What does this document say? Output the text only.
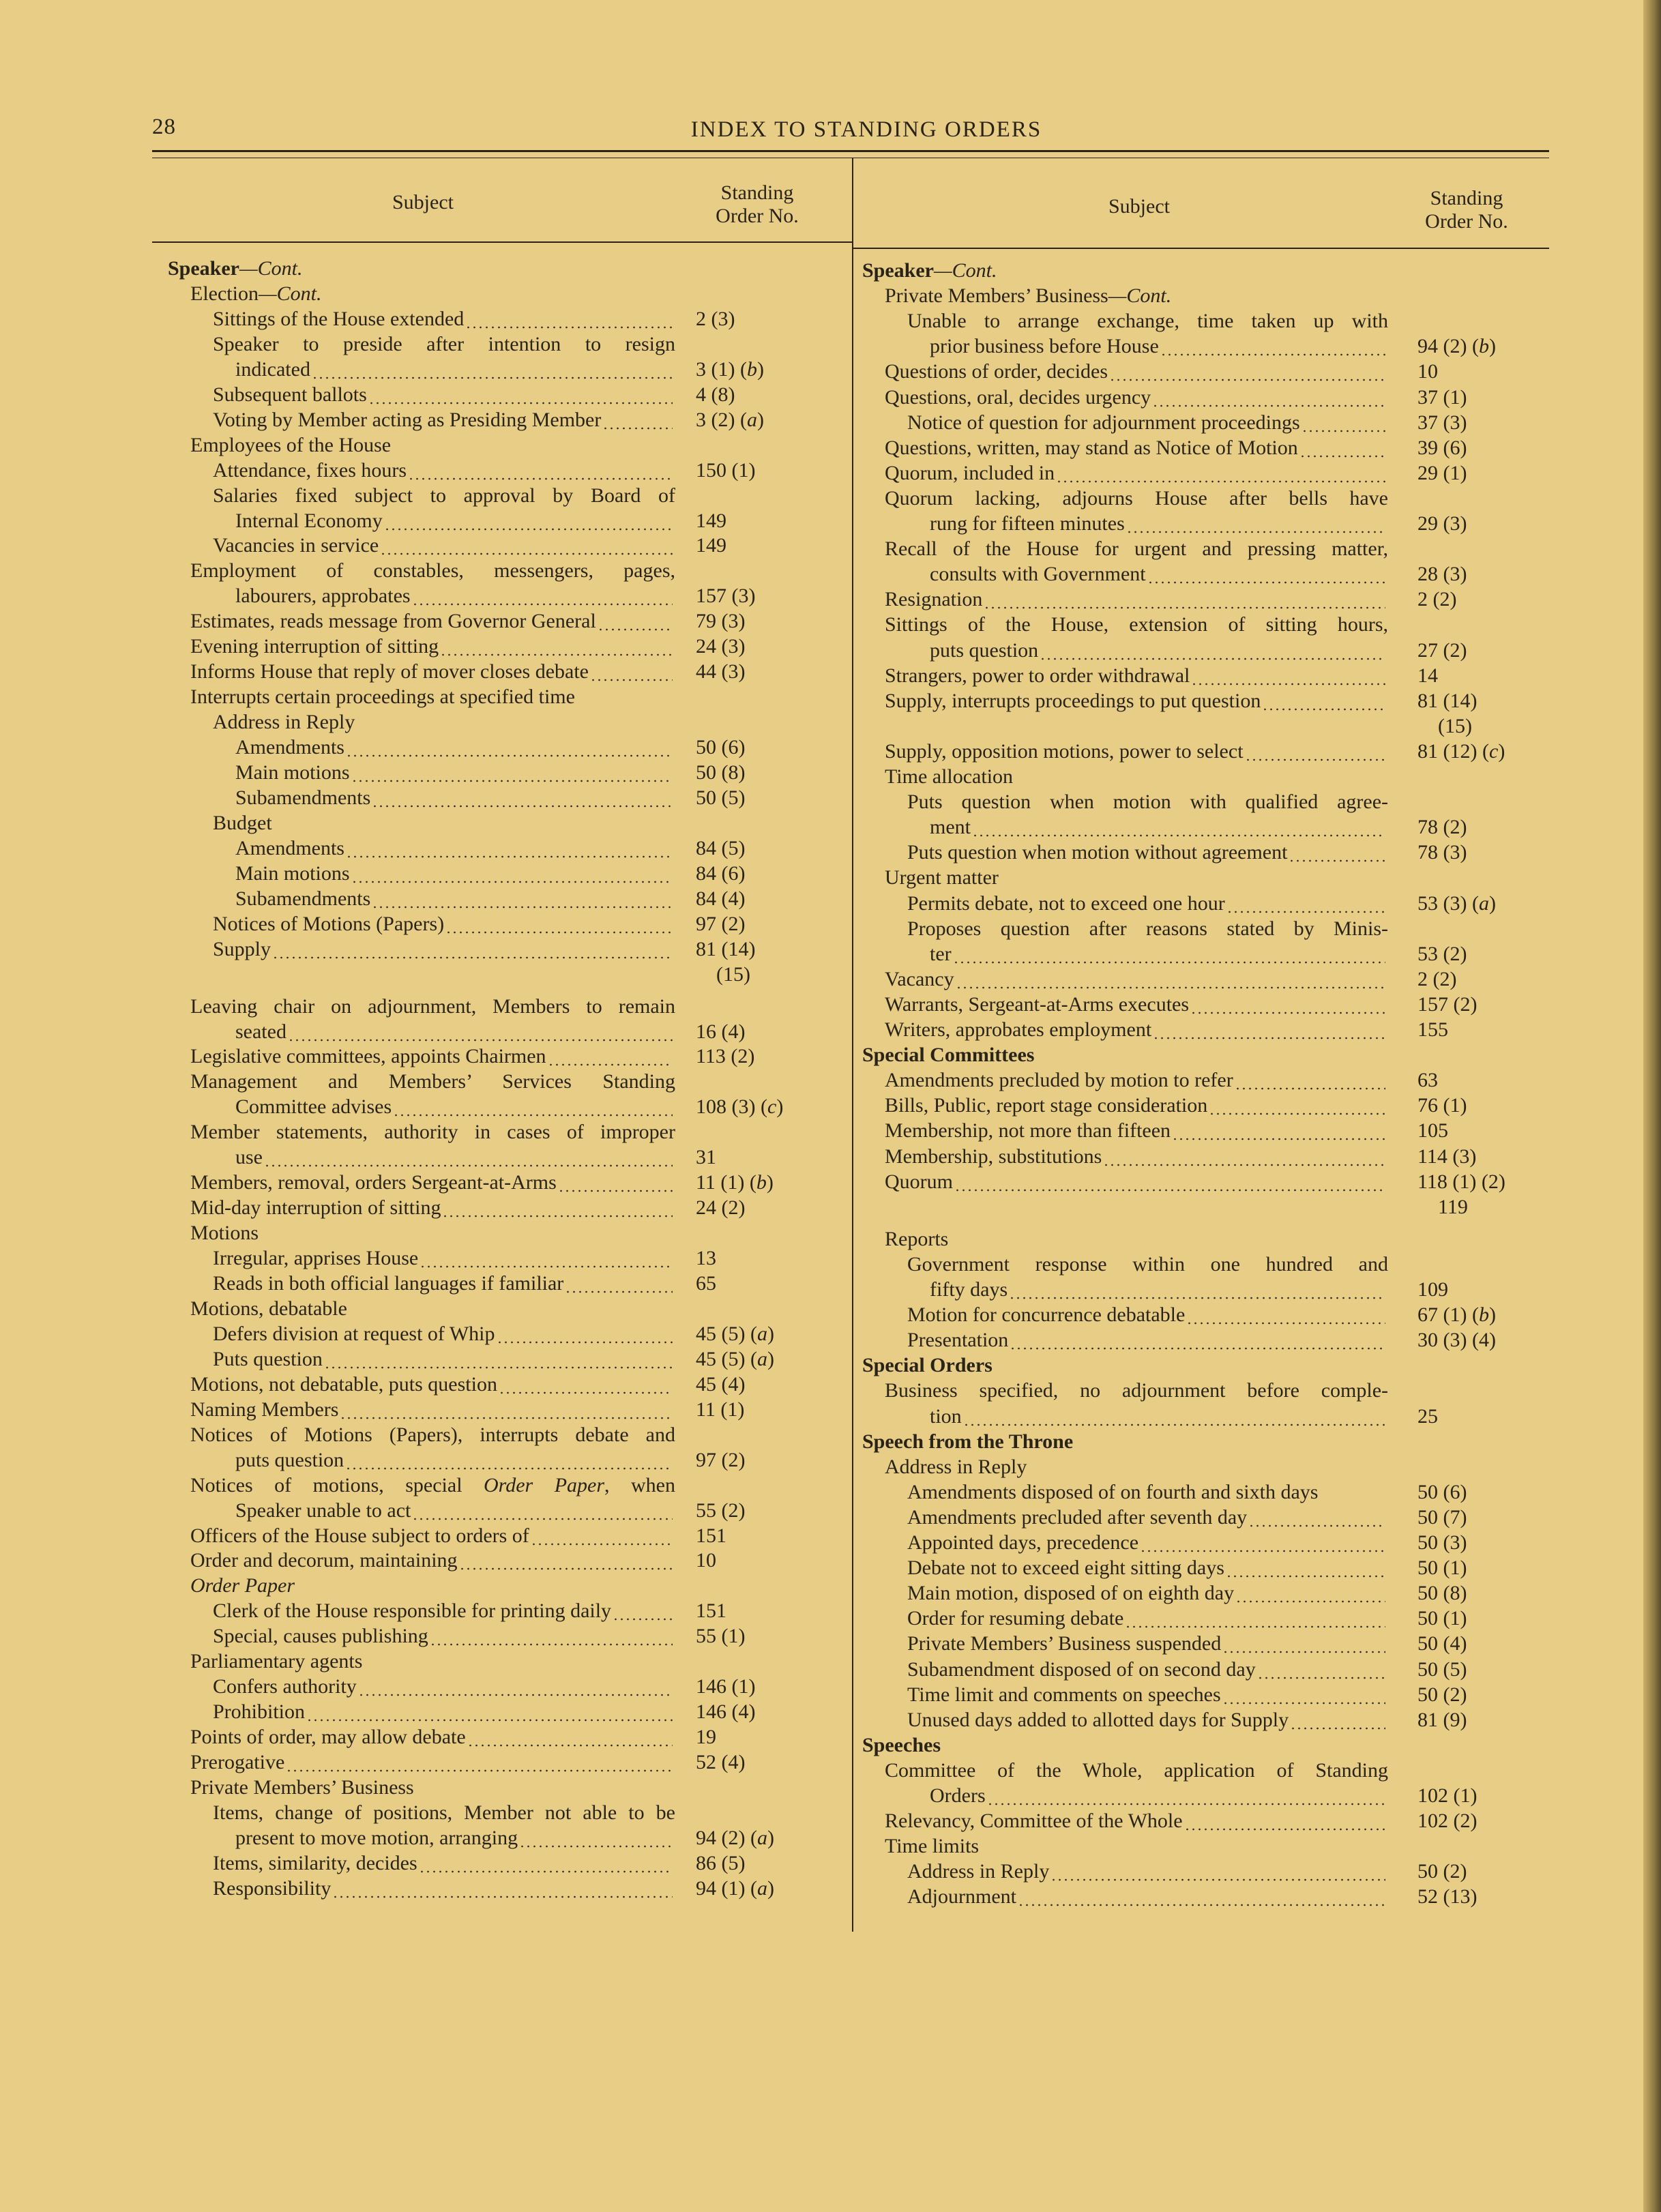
28	INDEX TO STANDING ORDERS
Subject	Standing
Order No.	Subject	Standing
Order No.
Speaker —Cont.
Election —Cont.
Sittings of the House extended	2 (3)
Speaker to preside after intention to resign
indicated	3 (1) (b)
Subsequent ballots	4 (8)
Voting by Member acting as Presiding Member	3 (2) (a)
Employees of the House
Attendance, fixes hours	150 (1)
Salaries fixed subject to approval by Board of
Internal Economy	149
Vacancies in service	149
Employment of constables, messengers, pages,
labourers, approbates	157 (3)
Estimates, reads message from Governor General	79 (3)
Evening interruption of sitting	24 (3)
Informs House that reply of mover closes debate	44 (3)
Interrupts certain proceedings at specified time
Address in Reply
Amendments	50 (6)
Main motions	50 (8)
Subamendments	50 (5)
Budget
Amendments	84 (5)
Main motions	84 (6)
Subamendments	84 (4)
Notices of Motions (Papers)	97 (2)
Supply	81 (14)
(15)
Leaving chair on adjournment, Members to remain
seated	16 (4)
Legislative committees, appoints Chairmen	113 (2)
Management and Members’ Services Standing
Committee advises	108 (3) (c)
Member statements, authority in cases of improper
use	31
Members, removal, orders Sergeant-at-Arms	11 (1) (b)
Mid-day interruption of sitting	24 (2)
Motions
Irregular, apprises House	13
Reads in both official languages if familiar	65
Motions, debatable
Defers division at request of Whip	45 (5) (a)
Puts question	45 (5) (a)
Motions, not debatable, puts question	45 (4)
Naming Members	11 (1)
Notices of Motions (Papers), interrupts debate and
puts question	97 (2)
Notices of motions, special Order Paper, when
Speaker unable to act	55 (2)
Officers of the House subject to orders of	151
Order and decorum, maintaining	10
Order Paper
Clerk of the House responsible for printing daily	151
Special, causes publishing	55 (1)
Parliamentary agents
Confers authority	146 (1)
Prohibition	146 (4)
Points of order, may allow debate	19
Prerogative	52 (4)
Private Members’ Business
Items, change of positions, Member not able to be
present to move motion, arranging	94 (2) (a)
Items, similarity, decides	86 (5)
Responsibility	94 (1) (a)
Speaker —Cont.
Private Members’ Business —Cont.
Unable to arrange exchange, time taken up with
prior business before House	94 (2) (b)
Questions of order, decides	10
Questions, oral, decides urgency	37 (1)
Notice of question for adjournment proceedings	37 (3)
Questions, written, may stand as Notice of Motion	39 (6)
Quorum, included in	29 (1)
Quorum lacking, adjourns House after bells have
rung for fifteen minutes	29 (3)
Recall of the House for urgent and pressing matter,
consults with Government	28 (3)
Resignation	2 (2)
Sittings of the House, extension of sitting hours,
puts question	27 (2)
Strangers, power to order withdrawal	14
Supply, interrupts proceedings to put question	81 (14)
(15)
Supply, opposition motions, power to select	81 (12) (c)
Time allocation
Puts question when motion with qualified agree-
ment	78 (2)
Puts question when motion without agreement	78 (3)
Urgent matter
Permits debate, not to exceed one hour	53 (3) (a)
Proposes question after reasons stated by Minis-
ter	53 (2)
Vacancy	2 (2)
Warrants, Sergeant-at-Arms executes	157 (2)
Writers, approbates employment	155
Special Committees
Amendments precluded by motion to refer	63
Bills, Public, report stage consideration	76 (1)
Membership, not more than fifteen	105
Membership, substitutions	114 (3)
Quorum	118 (1) (2)
119
Reports
Government response within one hundred and
fifty days	109
Motion for concurrence debatable	67 (1) (b)
Presentation	30 (3) (4)
Special Orders
Business specified, no adjournment before comple-
tion	25
Speech from the Throne
Address in Reply
Amendments disposed of on fourth and sixth days	50 (6)
Amendments precluded after seventh day	50 (7)
Appointed days, precedence	50 (3)
Debate not to exceed eight sitting days	50 (1)
Main motion, disposed of on eighth day	50 (8)
Order for resuming debate	50 (1)
Private Members’ Business suspended	50 (4)
Subamendment disposed of on second day	50 (5)
Time limit and comments on speeches	50 (2)
Unused days added to allotted days for Supply	81 (9)
Speeches
Committee of the Whole, application of Standing
Orders	102 (1)
Relevancy, Committee of the Whole	102 (2)
Time limits
Address in Reply	50 (2)
Adjournment	52 (13)
